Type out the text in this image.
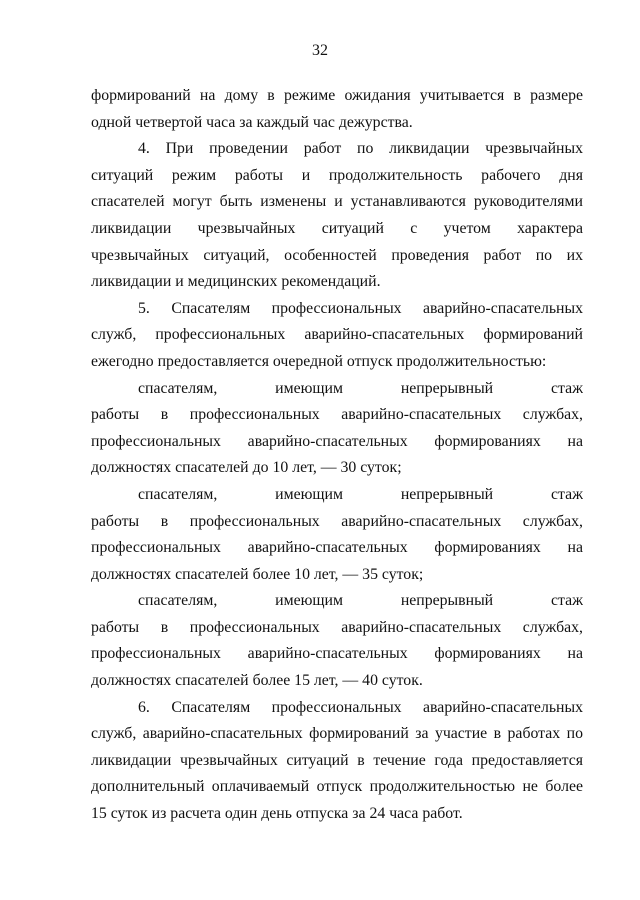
32

формирований на дому в режиме ожидания учитывается в размере
одной четвертой часа за каждый час дежурства.

4. При проведении работ по ликвидации чрезвычайных
ситуаций режим работы и продолжительность рабочего дня
спасателей могут быть изменены и устанавливаются руководителями
ликвидации чрезвычайных ситуаций с учетом характера
чрезвычайных ситуаций, особенностей проведения работ по их
ликвидации и медицинских рекомендаций.

5. Спасателям профессиональных аварийно-спасательных
служб, профессиональных аварийно-спасательных формирований
ежегодно предоставляется очередной отпуск продолжительностью:

спасателям, имеющим непрерывный стаж
работы в профессиональных аварийно-спасательных службах,
профессиональных аварийно-спасательных формированиях на
должностях спасателей до 10 лет, — 30 суток;

спасателям, имеющим непрерывный стаж
работы в профессиональных аварийно-спасательных службах,
профессиональных аварийно-спасательных формированиях на
должностях спасателей более 10 лет, — 35 суток;

спасателям, имеющим непрерывный стаж
работы в профессиональных аварийно-спасательных службах,
профессиональных аварийно-спасательных формированиях на
должностях спасателей более 15 лет, — 40 суток.

6. Спасателям профессиональных аварийно-спасательных
служб, аварийно-спасательных формирований за участие в работах по
ликвидации чрезвычайных ситуаций в течение года предоставляется
дополнительный оплачиваемый отпуск продолжительностью не более
15 суток из расчета один день отпуска за 24 часа работ.
